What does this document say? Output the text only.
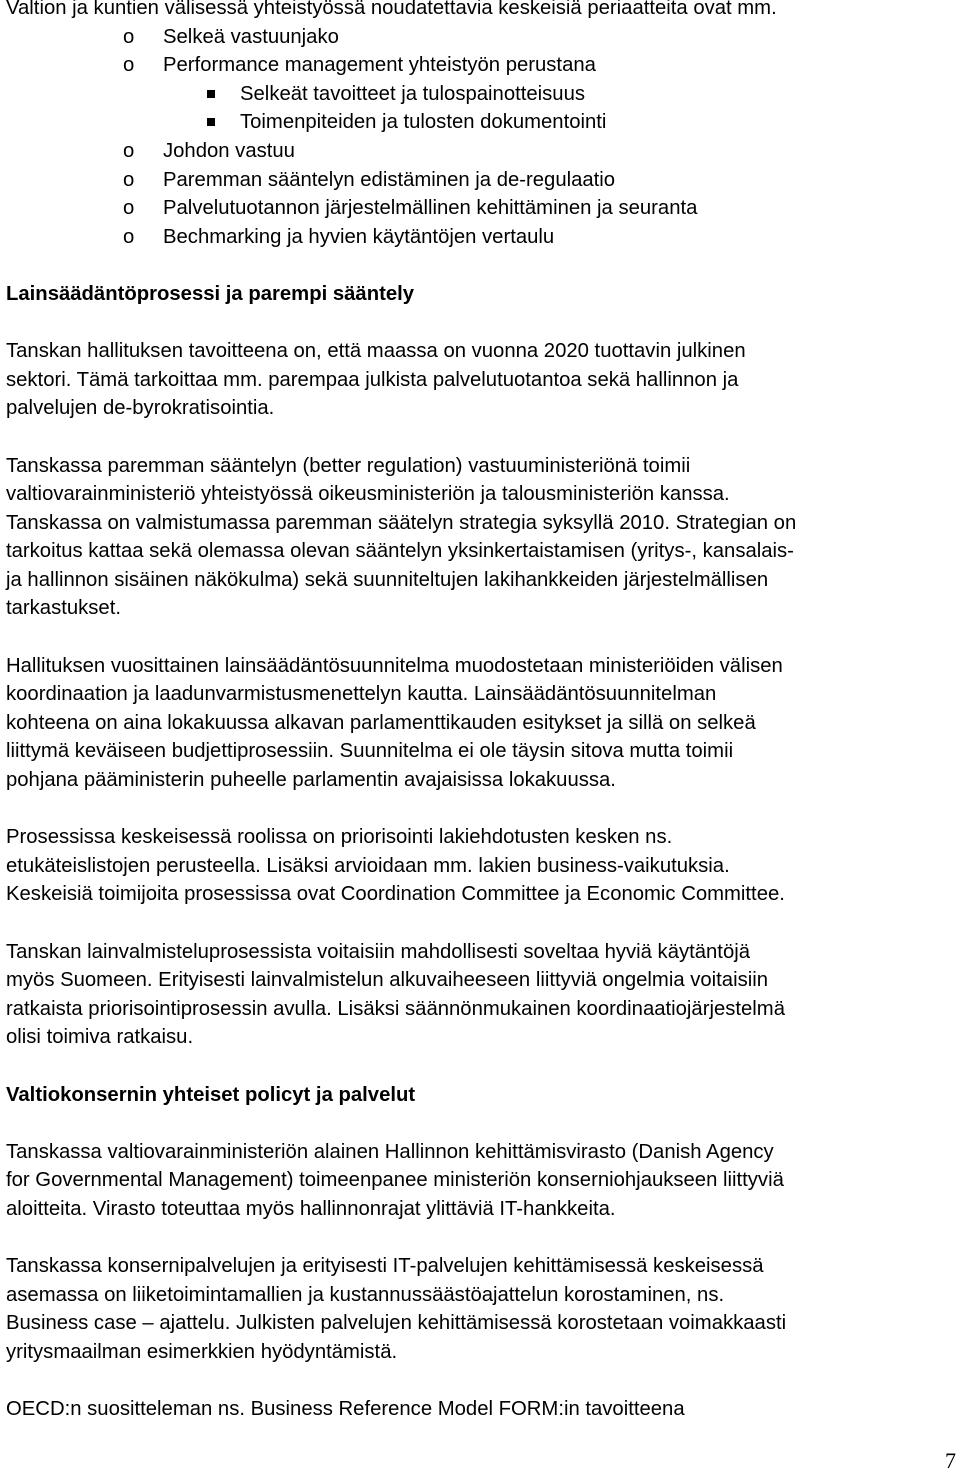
Valtion ja kuntien välisessä yhteistyössä noudatettavia keskeisiä periaatteita ovat mm.

o Selkeä vastuunjako

o Performance management yhteistyön perustana

Selkeät tavoitteet ja tulospainotteisuus

Toimenpiteiden ja tulosten dokumentointi

o Johdon vastuu

o Paremman sääntelyn edistäminen ja de-regulaatio

o Palvelutuotannon järjestelmällinen kehittäminen ja seuranta

o Bechmarking ja hyvien käytäntöjen vertaulu

Lainsäädäntöprosessi ja parempi sääntely

Tanskan hallituksen tavoitteena on, että maassa on vuonna 2020 tuottavin julkinen

sektori. Tämä tarkoittaa mm. parempaa julkista palvelutuotantoa sekä hallinnon ja

palvelujen de-byrokratisointia.

Tanskassa paremman sääntelyn (better regulation) vastuuministeriönä toimii

valtiovarainministeriö yhteistyössä oikeusministeriön ja talousministeriön kanssa.

Tanskassa on valmistumassa paremman säätelyn strategia syksyllä 2010. Strategian on

tarkoitus kattaa sekä olemassa olevan sääntelyn yksinkertaistamisen (yritys-, kansalais-

ja hallinnon sisäinen näkökulma) sekä suunniteltujen lakihankkeiden järjestelmällisen

tarkastukset.

Hallituksen vuosittainen lainsäädäntösuunnitelma muodostetaan ministeriöiden välisen

koordinaation ja laadunvarmistusmenettelyn kautta. Lainsäädäntösuunnitelman

kohteena on aina lokakuussa alkavan parlamenttikauden esitykset ja sillä on selkeä

liittymä keväiseen budjettiprosessiin. Suunnitelma ei ole täysin sitova mutta toimii

pohjana pääministerin puheelle parlamentin avajaisissa lokakuussa.

Prosessissa keskeisessä roolissa on priorisointi lakiehdotusten kesken ns.

etukäteislistojen perusteella. Lisäksi arvioidaan mm. lakien business-vaikutuksia.

Keskeisiä toimijoita prosessissa ovat Coordination Committee ja Economic Committee.

Tanskan lainvalmisteluprosessista voitaisiin mahdollisesti soveltaa hyviä käytäntöjä

myös Suomeen. Erityisesti lainvalmistelun alkuvaiheeseen liittyviä ongelmia voitaisiin

ratkaista priorisointiprosessin avulla. Lisäksi säännönmukainen koordinaatiojärjestelmä

olisi toimiva ratkaisu.

Valtiokonsernin yhteiset policyt ja palvelut

Tanskassa valtiovarainministeriön alainen Hallinnon kehittämisvirasto (Danish Agency

for Governmental Management) toimeenpanee ministeriön konserniohjaukseen liittyviä

aloitteita. Virasto toteuttaa myös hallinnonrajat ylittäviä IT-hankkeita.

Tanskassa konsernipalvelujen ja erityisesti IT-palvelujen kehittämisessä keskeisessä

asemassa on liiketoimintamallien ja kustannussäästöajattelun korostaminen, ns.

Business case – ajattelu. Julkisten palvelujen kehittämisessä korostetaan voimakkaasti

yritysmaailman esimerkkien hyödyntämistä.

OECD:n suositteleman ns. Business Reference Model FORM:in tavoitteena

7
